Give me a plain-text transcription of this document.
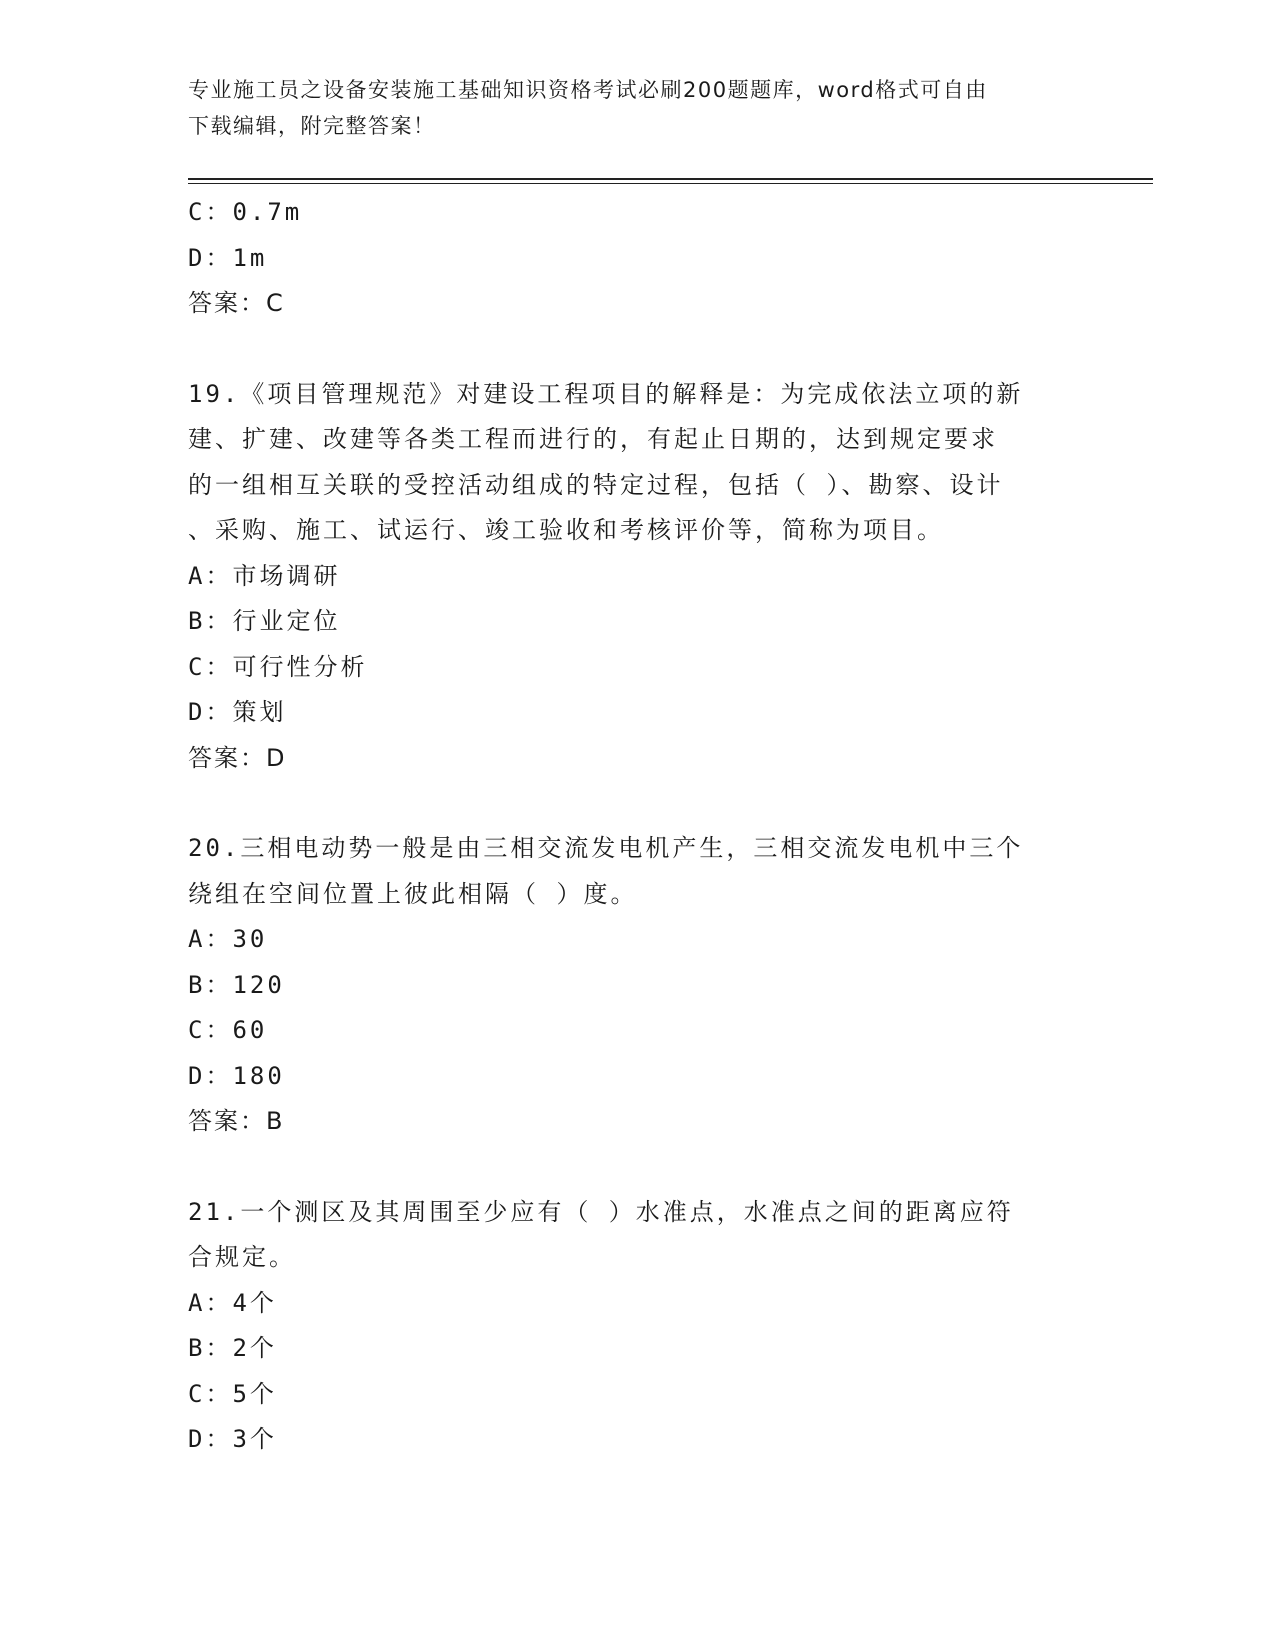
专业施工员之设备安装施工基础知识资格考试必刷200题题库，word格式可自由
下载编辑，附完整答案！
C：0.7m
D：1m
答案：C
19.《项目管理规范》对建设工程项目的解释是：为完成依法立项的新
建、扩建、改建等各类工程而进行的，有起止日期的，达到规定要求
的一组相互关联的受控活动组成的特定过程，包括（ ）、勘察、设计
、采购、施工、试运行、竣工验收和考核评价等，简称为项目。
A：市场调研
B：行业定位
C：可行性分析
D：策划
答案：D
20.三相电动势一般是由三相交流发电机产生，三相交流发电机中三个
绕组在空间位置上彼此相隔（ ）度。
A：30
B：120
C：60
D：180
答案：B
21.一个测区及其周围至少应有（ ）水准点，水准点之间的距离应符
合规定。
A：4个
B：2个
C：5个
D：3个
